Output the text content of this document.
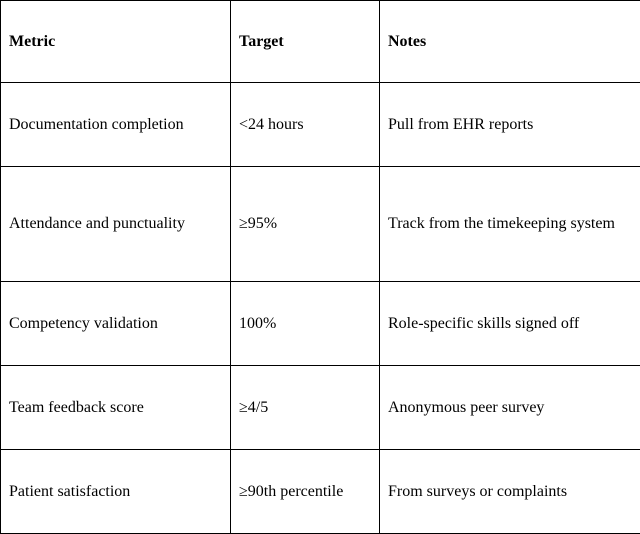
Metric	Target	Notes
Documentation completion	<24 hours	Pull from EHR reports
Attendance and punctuality	≥95%	Track from the timekeeping system
Competency validation	100%	Role-specific skills signed off
Team feedback score	≥4/5	Anonymous peer survey
Patient satisfaction	≥90th percentile	From surveys or complaints
